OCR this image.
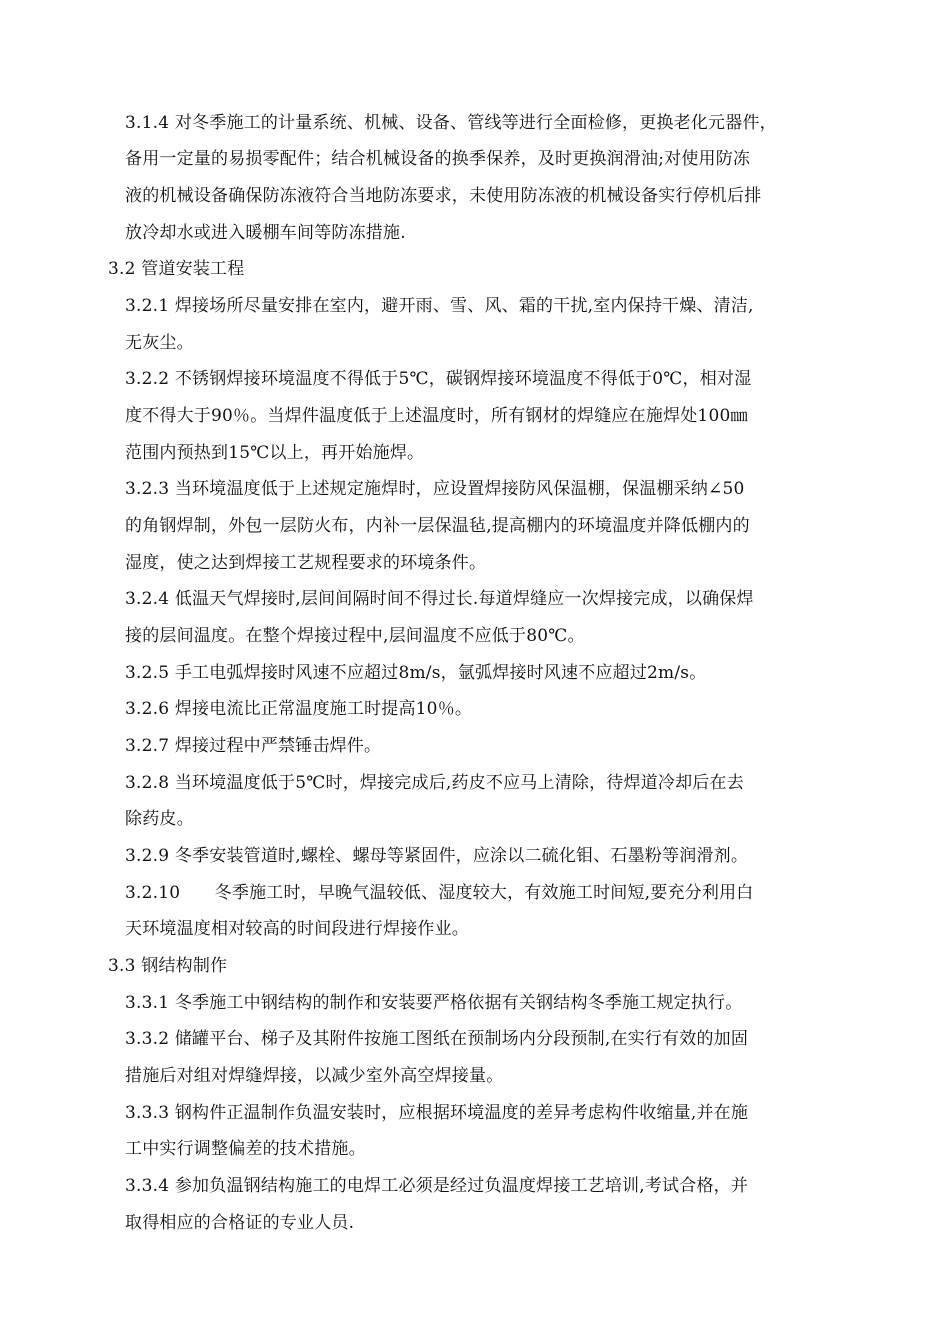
3.1.4 对冬季施工的计量系统、机械、设备、管线等进行全面检修，更换老化元器件，
备用一定量的易损零配件；结合机械设备的换季保养，及时更换润滑油;对使用防冻
液的机械设备确保防冻液符合当地防冻要求，未使用防冻液的机械设备实行停机后排
放冷却水或进入暖棚车间等防冻措施.
3.2 管道安装工程
3.2.1 焊接场所尽量安排在室内，避开雨、雪、风、霜的干扰,室内保持干燥、清洁,
无灰尘。
3.2.2 不锈钢焊接环境温度不得低于5℃，碳钢焊接环境温度不得低于0℃，相对湿
度不得大于90％。当焊件温度低于上述温度时，所有钢材的焊缝应在施焊处100㎜
范围内预热到15℃以上，再开始施焊。
3.2.3 当环境温度低于上述规定施焊时，应设置焊接防风保温棚，保温棚采纳∠50
的角钢焊制，外包一层防火布，内补一层保温毡,提高棚内的环境温度并降低棚内的
湿度，使之达到焊接工艺规程要求的环境条件。
3.2.4 低温天气焊接时,层间间隔时间不得过长.每道焊缝应一次焊接完成，以确保焊
接的层间温度。在整个焊接过程中,层间温度不应低于80℃。
3.2.5 手工电弧焊接时风速不应超过8m/s，氩弧焊接时风速不应超过2m/s。
3.2.6 焊接电流比正常温度施工时提高10％。
3.2.7 焊接过程中严禁锤击焊件。
3.2.8 当环境温度低于5℃时，焊接完成后,药皮不应马上清除，待焊道冷却后在去
除药皮。
3.2.9 冬季安装管道时,螺栓、螺母等紧固件，应涂以二硫化钼、石墨粉等润滑剂。
3.2.10　　冬季施工时，早晚气温较低、湿度较大，有效施工时间短,要充分利用白
天环境温度相对较高的时间段进行焊接作业。
3.3 钢结构制作
3.3.1 冬季施工中钢结构的制作和安装要严格依据有关钢结构冬季施工规定执行。
3.3.2 储罐平台、梯子及其附件按施工图纸在预制场内分段预制,在实行有效的加固
措施后对组对焊缝焊接，以减少室外高空焊接量。
3.3.3 钢构件正温制作负温安装时，应根据环境温度的差异考虑构件收缩量,并在施
工中实行调整偏差的技术措施。
3.3.4 参加负温钢结构施工的电焊工必须是经过负温度焊接工艺培训,考试合格，并
取得相应的合格证的专业人员.
